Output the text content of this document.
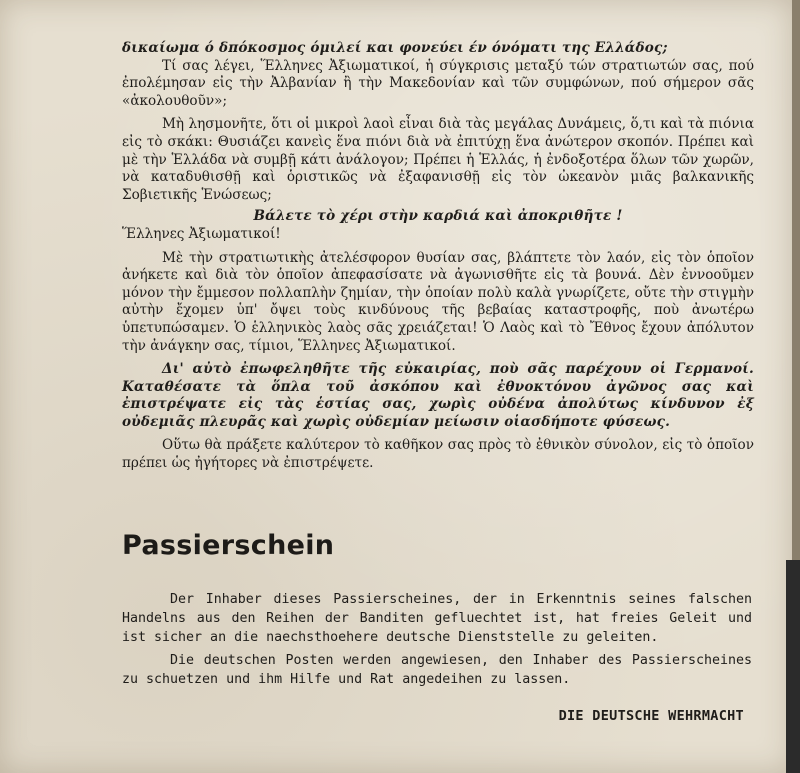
δικαίωμα ό δπόκοσμος όμιλεί και φονεύει έν όνόματι της Ελλάδος;

Τί σας λέγει, Ἕλληνες Ἀξιωματικοί, ἡ σύγκρισις μεταξύ τών στρατιωτών σας, πού ἐπολέμησαν εἰς τὴν Ἀλβανίαν ἢ τὴν Μακεδονίαν καὶ τῶν συμφώνων, πού σήμερον σᾶς «ἀκολουθοῦν»;

Μὴ λησμονῆτε, ὅτι οἱ μικροὶ λαοὶ εἶναι διὰ τὰς μεγάλας Δυνάμεις, ὅ,τι καὶ τὰ πιόνια εἰς τὸ σκάκι: Θυσιάζει κανεὶς ἕνα πιόνι διὰ νὰ ἐπιτύχῃ ἕνα ἀνώτερον σκοπόν. Πρέπει καὶ μὲ τὴν Ἑλλάδα νὰ συμβῇ κάτι ἀνάλογον; Πρέπει ἡ Ἑλλάς, ἡ ἐνδοξοτέρα ὅλων τῶν χωρῶν, νὰ καταδυθισθῇ καὶ ὁριστικῶς νὰ ἐξαφανισθῇ εἰς τὸν ὠκεανὸν μιᾶς βαλκανικῆς Σοβιετικῆς Ἑνώσεως;

Βάλετε τὸ χέρι στὴν καρδιά καὶ ἀποκριθῆτε !

Ἕλληνες Ἀξιωματικοί!

Μὲ τὴν στρατιωτικὴς ἀτελέσφορον θυσίαν σας, βλάπτετε τὸν λαόν, εἰς τὸν ὁποῖον ἀνήκετε καὶ διὰ τὸν ὁποῖον ἀπεφασίσατε νὰ ἀγωνισθῆτε εἰς τὰ βουνά. Δὲν ἐννοοῦμεν μόνον τὴν ἔμμεσον πολλαπλὴν ζημίαν, τὴν ὁποίαν πολὺ καλὰ γνωρίζετε, οὔτε τὴν στιγμὴν αὐτὴν ἔχομεν ὑπ' ὄψει τοὺς κινδύνους τῆς βεβαίας καταστροφῆς, ποὺ ἀνωτέρω ὑπετυπώσαμεν. Ὁ ἑλληνικὸς λαὸς σᾶς χρειάζεται! Ὁ Λαὸς καὶ τὸ Ἔθνος ἔχουν ἀπόλυτον τὴν ἀνάγκην σας, τίμιοι, Ἕλληνες Ἀξιωματικοί.

Δι' αὐτὸ ἐπωφεληθῆτε τῆς εὐκαιρίας, ποὺ σᾶς παρέχουν οἱ Γερμανοί. Καταθέσατε τὰ ὅπλα τοῦ ἀσκόπου καὶ ἐθνοκτόνου ἀγῶνος σας καὶ ἐπιστρέψατε εἰς τὰς ἑστίας σας, χωρὶς οὐδένα ἀπολύτως κίνδυνον ἐξ οὐδεμιᾶς πλευρᾶς καὶ χωρὶς οὐδεμίαν μείωσιν οἱασδήποτε φύσεως.

Οὕτω θὰ πράξετε καλύτερον τὸ καθῆκον σας πρὸς τὸ ἐθνικὸν σύνολον, εἰς τὸ ὁποῖον πρέπει ὡς ἠγήτορες νὰ ἐπιστρέψετε.

Passierschein

Der Inhaber dieses Passierscheines, der in Erkenntnis seines falschen Handelns aus den Reihen der Banditen gefluechtet ist, hat freies Geleit und ist sicher an die naechsthoehere deutsche Dienststelle zu geleiten.

Die deutschen Posten werden angewiesen, den Inhaber des Passierscheines zu schuetzen und ihm Hilfe und Rat angedeihen zu lassen.

DIE DEUTSCHE WEHRMACHT
